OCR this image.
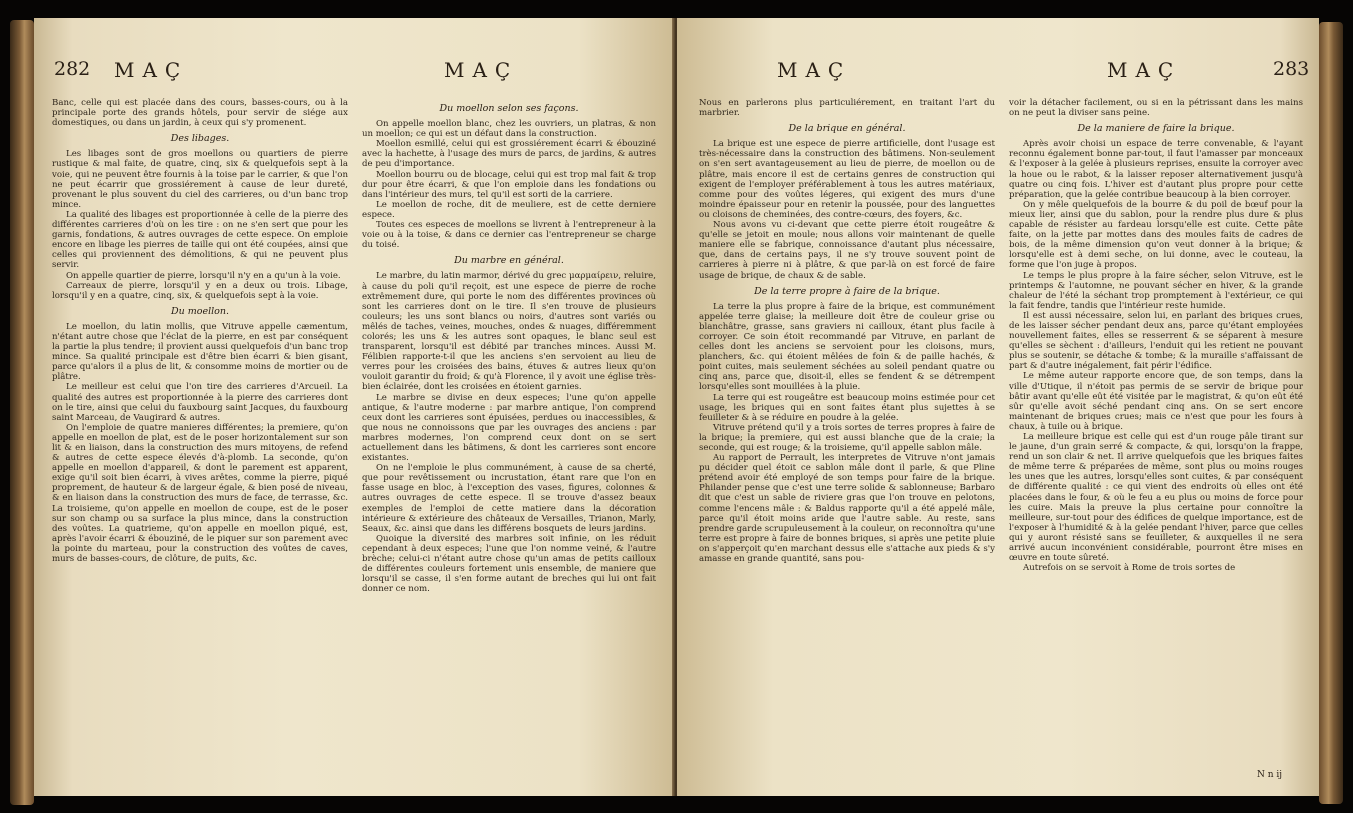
282 MAÇ	MAÇ

Banc, celle qui est placée dans des cours, basses-cours, ou à la principale porte des grands hôtels, pour servir de siége aux domestiques, ou dans un jardin, à ceux qui s'y promenent.

Des libages.

Les libages sont de gros moellons ou quartiers de pierre rustique & mal faite, de quatre, cinq, six & quelquefois sept à la voie, qui ne peuvent être fournis à la toise par le carrier, & que l'on ne peut écarrir que grossiérement à cause de leur dureté, provenant le plus souvent du ciel des carrieres, ou d'un banc trop mince.

La qualité des libages est proportionnée à celle de la pierre des différentes carrieres d'où on les tire : on ne s'en sert que pour les garnis, fondations, & autres ouvrages de cette espece. On emploie encore en libage les pierres de taille qui ont été coupées, ainsi que celles qui proviennent des démolitions, & qui ne peuvent plus servir.

On appelle quartier de pierre, lorsqu'il n'y en a qu'un à la voie.

Carreaux de pierre, lorsqu'il y en a deux ou trois. Libage, lorsqu'il y en a quatre, cinq, six, & quelquefois sept à la voie.

Du moellon.

Le moellon, du latin mollis, que Vitruve appelle cæmentum, n'étant autre chose que l'éclat de la pierre, en est par conséquent la partie la plus tendre; il provient aussi quelquefois d'un banc trop mince. Sa qualité principale est d'être bien écarri & bien gisant, parce qu'alors il a plus de lit, & consomme moins de mortier ou de plâtre.

Le meilleur est celui que l'on tire des carrieres d'Arcueil. La qualité des autres est proportionnée à la pierre des carrieres dont on le tire, ainsi que celui du fauxbourg saint Jacques, du fauxbourg saint Marceau, de Vaugirard & autres.

On l'emploie de quatre manieres différentes; la premiere, qu'on appelle en moellon de plat, est de le poser horizontalement sur son lit & en liaison, dans la construction des murs mitoyens, de refend & autres de cette espece élevés d'à-plomb. La seconde, qu'on appelle en moellon d'appareil, & dont le parement est apparent, exige qu'il soit bien écarri, à vives arêtes, comme la pierre, piqué proprement, de hauteur & de largeur égale, & bien posé de niveau, & en liaison dans la construction des murs de face, de terrasse, &c. La troisieme, qu'on appelle en moellon de coupe, est de le poser sur son champ ou sa surface la plus mince, dans la construction des voûtes. La quatrieme, qu'on appelle en moellon piqué, est, après l'avoir écarri & ébouziné, de le piquer sur son parement avec la pointe du marteau, pour la construction des voûtes de caves, murs de basses-cours, de clôture, de puits, &c.

Du moellon selon ses façons.

On appelle moellon blanc, chez les ouvriers, un platras, & non un moellon; ce qui est un défaut dans la construction.

Moellon esmillé, celui qui est grossiérement écarri & ébouziné avec la hachette, à l'usage des murs de parcs, de jardins, & autres de peu d'importance.

Moellon bourru ou de blocage, celui qui est trop mal fait & trop dur pour être écarri, & que l'on emploie dans les fondations ou dans l'intérieur des murs, tel qu'il est sorti de la carriere.

Le moellon de roche, dit de meuliere, est de cette derniere espece.

Toutes ces especes de moellons se livrent à l'entrepreneur à la voie ou à la toise, & dans ce dernier cas l'entrepreneur se charge du toisé.

Du marbre en général.

Le marbre, du latin marmor, dérivé du grec μαρμαίρειν, reluire, à cause du poli qu'il reçoit, est une espece de pierre de roche extrêmement dure, qui porte le nom des différentes provinces où sont les carrieres dont on le tire. Il s'en trouve de plusieurs couleurs; les uns sont blancs ou noirs, d'autres sont variés ou mêlés de taches, veines, mouches, ondes & nuages, différemment colorés; les uns & les autres sont opaques, le blanc seul est transparent, lorsqu'il est débité par tranches minces. Aussi M. Félibien rapporte-t-il que les anciens s'en servoient au lieu de verres pour les croisées des bains, étuves & autres lieux qu'on vouloit garantir du froid; & qu'à Florence, il y avoit une église très-bien éclairée, dont les croisées en étoient garnies.

Le marbre se divise en deux especes; l'une qu'on appelle antique, & l'autre moderne : par marbre antique, l'on comprend ceux dont les carrieres sont épuisées, perdues ou inaccessibles, & que nous ne connoissons que par les ouvrages des anciens : par marbres modernes, l'on comprend ceux dont on se sert actuellement dans les bâtimens, & dont les carrieres sont encore existantes.

On ne l'emploie le plus communément, à cause de sa cherté, que pour revêtissement ou incrustation, étant rare que l'on en fasse usage en bloc, à l'exception des vases, figures, colonnes & autres ouvrages de cette espece. Il se trouve d'assez beaux exemples de l'emploi de cette matiere dans la décoration intérieure & extérieure des châteaux de Versailles, Trianon, Marly, Seaux, &c. ainsi que dans les différens bosquets de leurs jardins.

Quoique la diversité des marbres soit infinie, on les réduit cependant à deux especes; l'une que l'on nomme veiné, & l'autre brèche; celui-ci n'étant autre chose qu'un amas de petits cailloux de différentes couleurs fortement unis ensemble, de maniere que lorsqu'il se casse, il s'en forme autant de breches qui lui ont fait donner ce nom.

MAÇ	MAÇ	283

Nous en parlerons plus particuliérement, en traitant l'art du marbrier.

De la brique en général.

La brique est une espece de pierre artificielle, dont l'usage est très-nécessaire dans la construction des bâtimens. Non-seulement on s'en sert avantageusement au lieu de pierre, de moellon ou de plâtre, mais encore il est de certains genres de construction qui exigent de l'employer préférablement à tous les autres matériaux, comme pour des voûtes légeres, qui exigent des murs d'une moindre épaisseur pour en retenir la poussée, pour des languettes ou cloisons de cheminées, des contre-cœurs, des foyers, &c.

Nous avons vu ci-devant que cette pierre étoit rougeâtre & qu'elle se jetoit en moule; nous allons voir maintenant de quelle maniere elle se fabrique, connoissance d'autant plus nécessaire, que, dans de certains pays, il ne s'y trouve souvent point de carrieres à pierre ni à plâtre, & que par-là on est forcé de faire usage de brique, de chaux & de sable.

De la terre propre à faire de la brique.

La terre la plus propre à faire de la brique, est communément appelée terre glaise; la meilleure doit être de couleur grise ou blanchâtre, grasse, sans graviers ni cailloux, étant plus facile à corroyer. Ce soin étoit recommandé par Vitruve, en parlant de celles dont les anciens se servoient pour les cloisons, murs, planchers, &c. qui étoient mêlées de foin & de paille hachés, & point cuites, mais seulement séchées au soleil pendant quatre ou cinq ans, parce que, disoit-il, elles se fendent & se détrempent lorsqu'elles sont mouillées à la pluie.

La terre qui est rougeâtre est beaucoup moins estimée pour cet usage, les briques qui en sont faites étant plus sujettes à se feuilleter & à se réduire en poudre à la gelée.

Vitruve prétend qu'il y a trois sortes de terres propres à faire de la brique; la premiere, qui est aussi blanche que de la craie; la seconde, qui est rouge; & la troisieme, qu'il appelle sablon mâle.

Au rapport de Perrault, les interpretes de Vitruve n'ont jamais pu décider quel étoit ce sablon mâle dont il parle, & que Pline prétend avoir été employé de son temps pour faire de la brique. Philander pense que c'est une terre solide & sablonneuse; Barbaro dit que c'est un sable de riviere gras que l'on trouve en pelotons, comme l'encens mâle : & Baldus rapporte qu'il a été appelé mâle, parce qu'il étoit moins aride que l'autre sable. Au reste, sans prendre garde scrupuleusement à la couleur, on reconnoîtra qu'une terre est propre à faire de bonnes briques, si après une petite pluie on s'apperçoit qu'en marchant dessus elle s'attache aux pieds & s'y amasse en grande quantité, sans pou-

voir la détacher facilement, ou si en la pétrissant dans les mains on ne peut la diviser sans peine.

De la maniere de faire la brique.

Après avoir choisi un espace de terre convenable, & l'ayant reconnu également bonne par-tout, il faut l'amasser par monceaux & l'exposer à la gelée à plusieurs reprises, ensuite la corroyer avec la houe ou le rabot, & la laisser reposer alternativement jusqu'à quatre ou cinq fois. L'hiver est d'autant plus propre pour cette préparation, que la gelée contribue beaucoup à la bien corroyer.

On y mêle quelquefois de la bourre & du poil de bœuf pour la mieux lier, ainsi que du sablon, pour la rendre plus dure & plus capable de résister au fardeau lorsqu'elle est cuite. Cette pâte faite, on la jette par mottes dans des moules faits de cadres de bois, de la même dimension qu'on veut donner à la brique; & lorsqu'elle est à demi seche, on lui donne, avec le couteau, la forme que l'on juge à propos.

Le temps le plus propre à la faire sécher, selon Vitruve, est le printemps & l'automne, ne pouvant sécher en hiver, & la grande chaleur de l'été la séchant trop promptement à l'extérieur, ce qui la fait fendre, tandis que l'intérieur reste humide.

Il est aussi nécessaire, selon lui, en parlant des briques crues, de les laisser sécher pendant deux ans, parce qu'étant employées nouvellement faites, elles se resserrent & se séparent à mesure qu'elles se sèchent : d'ailleurs, l'enduit qui les retient ne pouvant plus se soutenir, se détache & tombe; & la muraille s'affaissant de part & d'autre inégalement, fait périr l'édifice.

Le même auteur rapporte encore que, de son temps, dans la ville d'Utique, il n'étoit pas permis de se servir de brique pour bâtir avant qu'elle eût été visitée par le magistrat, & qu'on eût été sûr qu'elle avoit séché pendant cinq ans. On se sert encore maintenant de briques crues; mais ce n'est que pour les fours à chaux, à tuile ou à brique.

La meilleure brique est celle qui est d'un rouge pâle tirant sur le jaune, d'un grain serré & compacte, & qui, lorsqu'on la frappe, rend un son clair & net. Il arrive quelquefois que les briques faites de même terre & préparées de même, sont plus ou moins rouges les unes que les autres, lorsqu'elles sont cuites, & par conséquent de différente qualité : ce qui vient des endroits où elles ont été placées dans le four, & où le feu a eu plus ou moins de force pour les cuire. Mais la preuve la plus certaine pour connoître la meilleure, sur-tout pour des édifices de quelque importance, est de l'exposer à l'humidité & à la gelée pendant l'hiver, parce que celles qui y auront résisté sans se feuilleter, & auxquelles il ne sera arrivé aucun inconvénient considérable, pourront être mises en œuvre en toute sûreté.

Autrefois on se servoit à Rome de trois sortes de

N n ij
